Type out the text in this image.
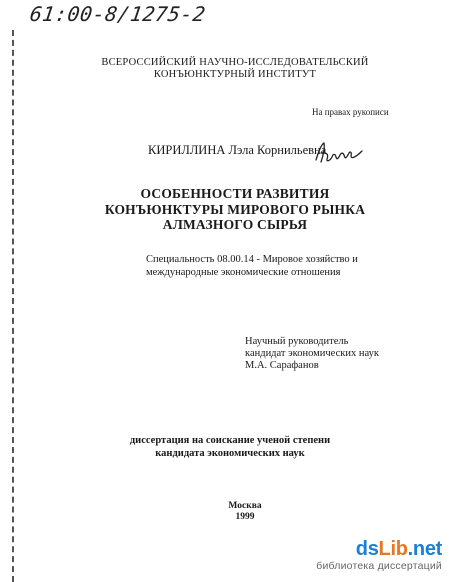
61:00-8/1275-2
ВСЕРОССИЙСКИЙ НАУЧНО-ИССЛЕДОВАТЕЛЬСКИЙ
КОНЪЮНКТУРНЫЙ ИНСТИТУТ
На правах рукописи
КИРИЛЛИНА Лэла Корнильевна
ОСОБЕННОСТИ РАЗВИТИЯ
КОНЪЮНКТУРЫ МИРОВОГО РЫНКА
АЛМАЗНОГО СЫРЬЯ
Специальность 08.00.14 - Мировое хозяйство и
международные экономические отношения
Научный руководитель
кандидат экономических наук
М.А. Сарафанов
диссертация на соискание ученой степени
кандидата экономических наук
Москва
1999
dsLib.net
библиотека диссертаций
